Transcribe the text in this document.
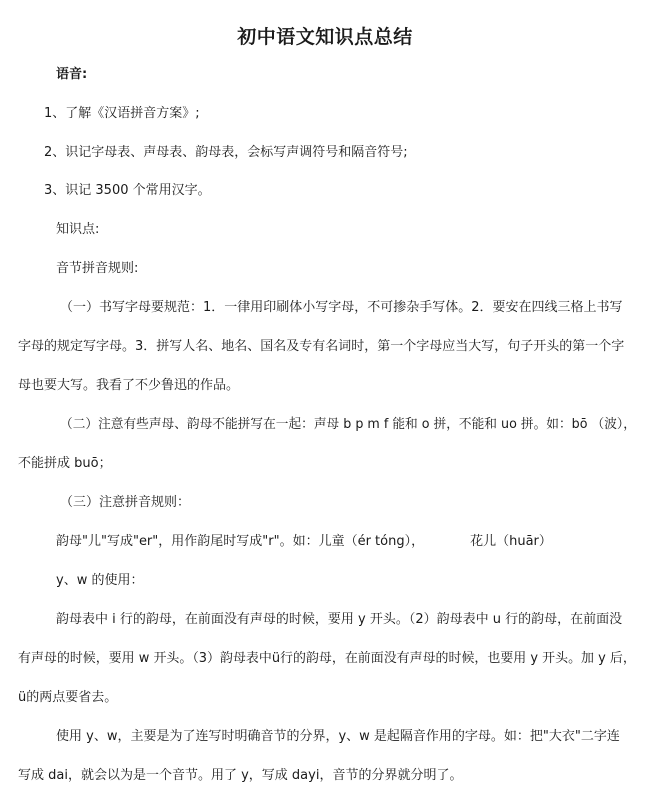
初中语文知识点总结
语音:
1、了解《汉语拼音方案》;
2、识记字母表、声母表、韵母表，会标写声调符号和隔音符号;
3、识记 3500 个常用汉字。
知识点:
音节拼音规则:
（一）书写字母要规范：1．一律用印刷体小写字母，不可掺杂手写体。2．要安在四线三格上书写
字母的规定写字母。3．拼写人名、地名、国名及专有名词时，第一个字母应当大写，句子开头的第一个字
母也要大写。我看了不少鲁迅的作品。
（二）注意有些声母、韵母不能拼写在一起：声母 b p m f 能和 o 拼，不能和 uo 拼。如：bō （波），
不能拼成 buō；
（三）注意拼音规则：
韵母"儿"写成"er"，用作韵尾时写成"r"。如：儿童（ér tóng），	花儿（huār）
y、w 的使用：
韵母表中 i 行的韵母，在前面没有声母的时候，要用 y 开头。（2）韵母表中 u 行的韵母，在前面没
有声母的时候，要用 w 开头。（3）韵母表中ü行的韵母，在前面没有声母的时候，也要用 y 开头。加 y 后，
ü的两点要省去。
使用 y、w，主要是为了连写时明确音节的分界，y、w 是起隔音作用的字母。如：把"大衣"二字连
写成 dai，就会以为是一个音节。用了 y，写成 dayi，音节的分界就分明了。
